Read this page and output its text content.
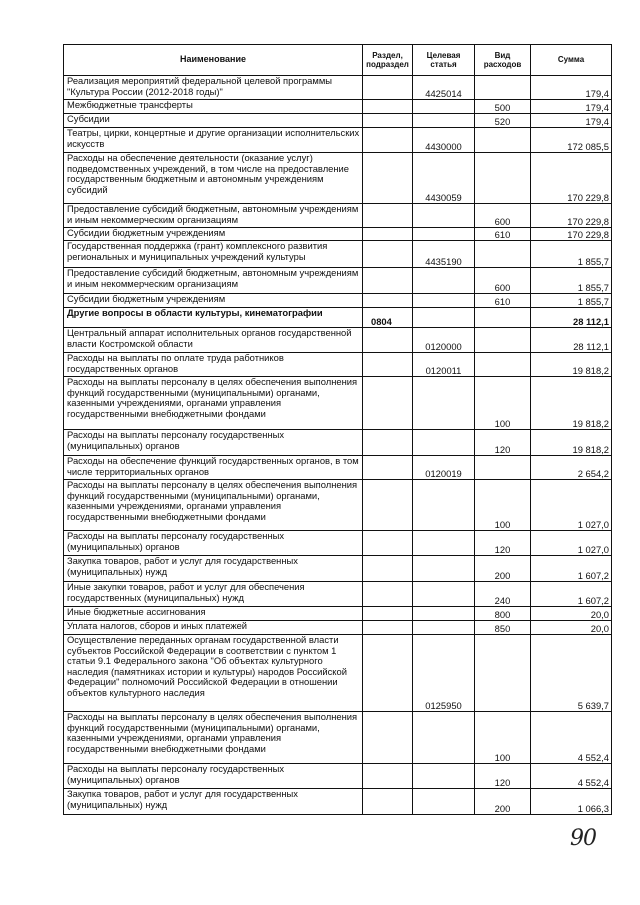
Наименование	Раздел, подраздел	Целевая статья	Вид расходов	Сумма
Реализация мероприятий федеральной целевой программы "Культура России (2012-2018 годы)"		4425014		179,4
Межбюджетные трансферты			500	179,4
Субсидии			520	179,4
Театры, цирки, концертные и другие организации исполнительских искусств		4430000		172 085,5
Расходы на обеспечение деятельности (оказание услуг) подведомственных учреждений, в том числе на предоставление государственным бюджетным и автономным учреждениям субсидий		4430059		170 229,8
Предоставление субсидий бюджетным, автономным учреждениям и иным некоммерческим организациям			600	170 229,8
Субсидии бюджетным учреждениям			610	170 229,8
Государственная поддержка (грант) комплексного развития региональных и муниципальных учреждений культуры		4435190		1 855,7
Предоставление субсидий бюджетным, автономным учреждениям и иным некоммерческим организациям			600	1 855,7
Субсидии бюджетным учреждениям			610	1 855,7
Другие вопросы в области культуры, кинематографии	0804			28 112,1
Центральный аппарат исполнительных органов государственной власти Костромской области		0120000		28 112,1
Расходы на выплаты по оплате труда работников государственных органов		0120011		19 818,2
Расходы на выплаты персоналу в целях обеспечения выполнения функций государственными (муниципальными) органами, казенными учреждениями, органами управления государственными внебюджетными фондами			100	19 818,2
Расходы на выплаты персоналу государственных (муниципальных) органов			120	19 818,2
Расходы на обеспечение функций государственных органов, в том числе территориальных органов		0120019		2 654,2
Расходы на выплаты персоналу в целях обеспечения выполнения функций государственными (муниципальными) органами, казенными учреждениями, органами управления государственными внебюджетными фондами			100	1 027,0
Расходы на выплаты персоналу государственных (муниципальных) органов			120	1 027,0
Закупка товаров, работ и услуг для государственных (муниципальных) нужд			200	1 607,2
Иные закупки товаров, работ и услуг для обеспечения государственных (муниципальных) нужд			240	1 607,2
Иные бюджетные ассигнования			800	20,0
Уплата налогов, сборов и иных платежей			850	20,0
Осуществление переданных органам государственной власти субъектов Российской Федерации в соответствии с пунктом 1 статьи 9.1 Федерального закона "Об объектах культурного наследия (памятниках истории и культуры) народов Российской Федерации" полномочий Российской Федерации в отношении объектов культурного наследия		0125950		5 639,7
Расходы на выплаты персоналу в целях обеспечения выполнения функций государственными (муниципальными) органами, казенными учреждениями, органами управления государственными внебюджетными фондами			100	4 552,4
Расходы на выплаты персоналу государственных (муниципальных) органов			120	4 552,4
Закупка товаров, работ и услуг для государственных (муниципальных) нужд			200	1 066,3
90
